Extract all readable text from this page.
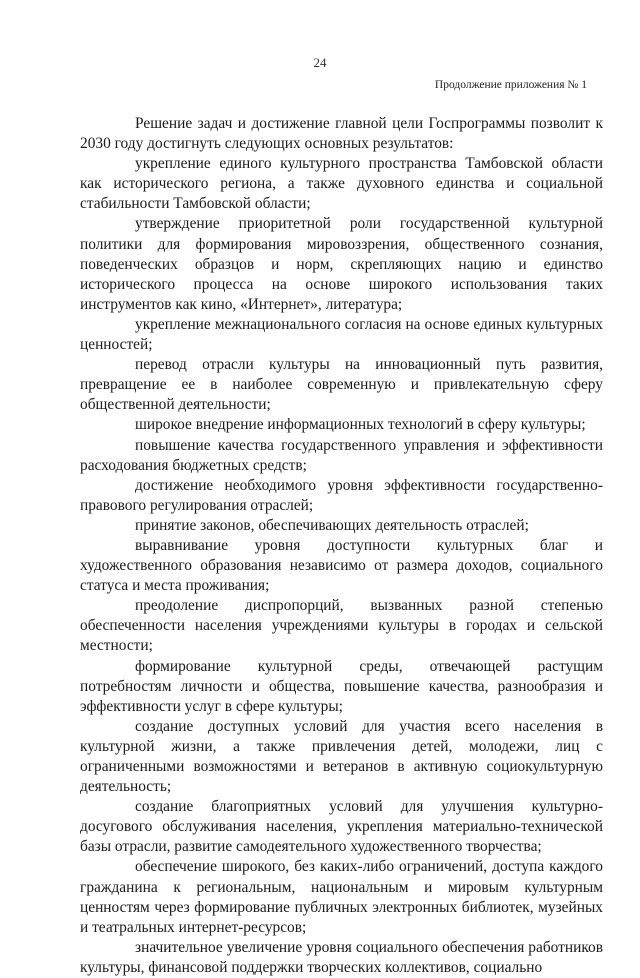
24
Продолжение приложения № 1

Решение задач и достижение главной цели Госпрограммы позволит к 2030 году достигнуть следующих основных результатов:

укрепление единого культурного пространства Тамбовской области как исторического региона, а также духовного единства и социальной стабильности Тамбовской области;

утверждение приоритетной роли государственной культурной политики для формирования мировоззрения, общественного сознания, поведенческих образцов и норм, скрепляющих нацию и единство исторического процесса на основе широкого использования таких инструментов как кино, «Интернет», литература;

укрепление межнационального согласия на основе единых культурных ценностей;

перевод отрасли культуры на инновационный путь развития, превращение ее в наиболее современную и привлекательную сферу общественной деятельности;

широкое внедрение информационных технологий в сферу культуры;

повышение качества государственного управления и эффективности расходования бюджетных средств;

достижение необходимого уровня эффективности государственно-правового регулирования отраслей;

принятие законов, обеспечивающих деятельность отраслей;

выравнивание уровня доступности культурных благ и художественного образования независимо от размера доходов, социального статуса и места проживания;

преодоление диспропорций, вызванных разной степенью обеспеченности населения учреждениями культуры в городах и сельской местности;

формирование культурной среды, отвечающей растущим потребностям личности и общества, повышение качества, разнообразия и эффективности услуг в сфере культуры;

создание доступных условий для участия всего населения в культурной жизни, а также привлечения детей, молодежи, лиц с ограниченными возможностями и ветеранов в активную социокультурную деятельность;

создание благоприятных условий для улучшения культурно-досугового обслуживания населения, укрепления материально-технической базы отрасли, развитие самодеятельного художественного творчества;

обеспечение широкого, без каких-либо ограничений, доступа каждого гражданина к региональным, национальным и мировым культурным ценностям через формирование публичных электронных библиотек, музейных и театральных интернет-ресурсов;

значительное увеличение уровня социального обеспечения работников культуры, финансовой поддержки творческих коллективов, социально
